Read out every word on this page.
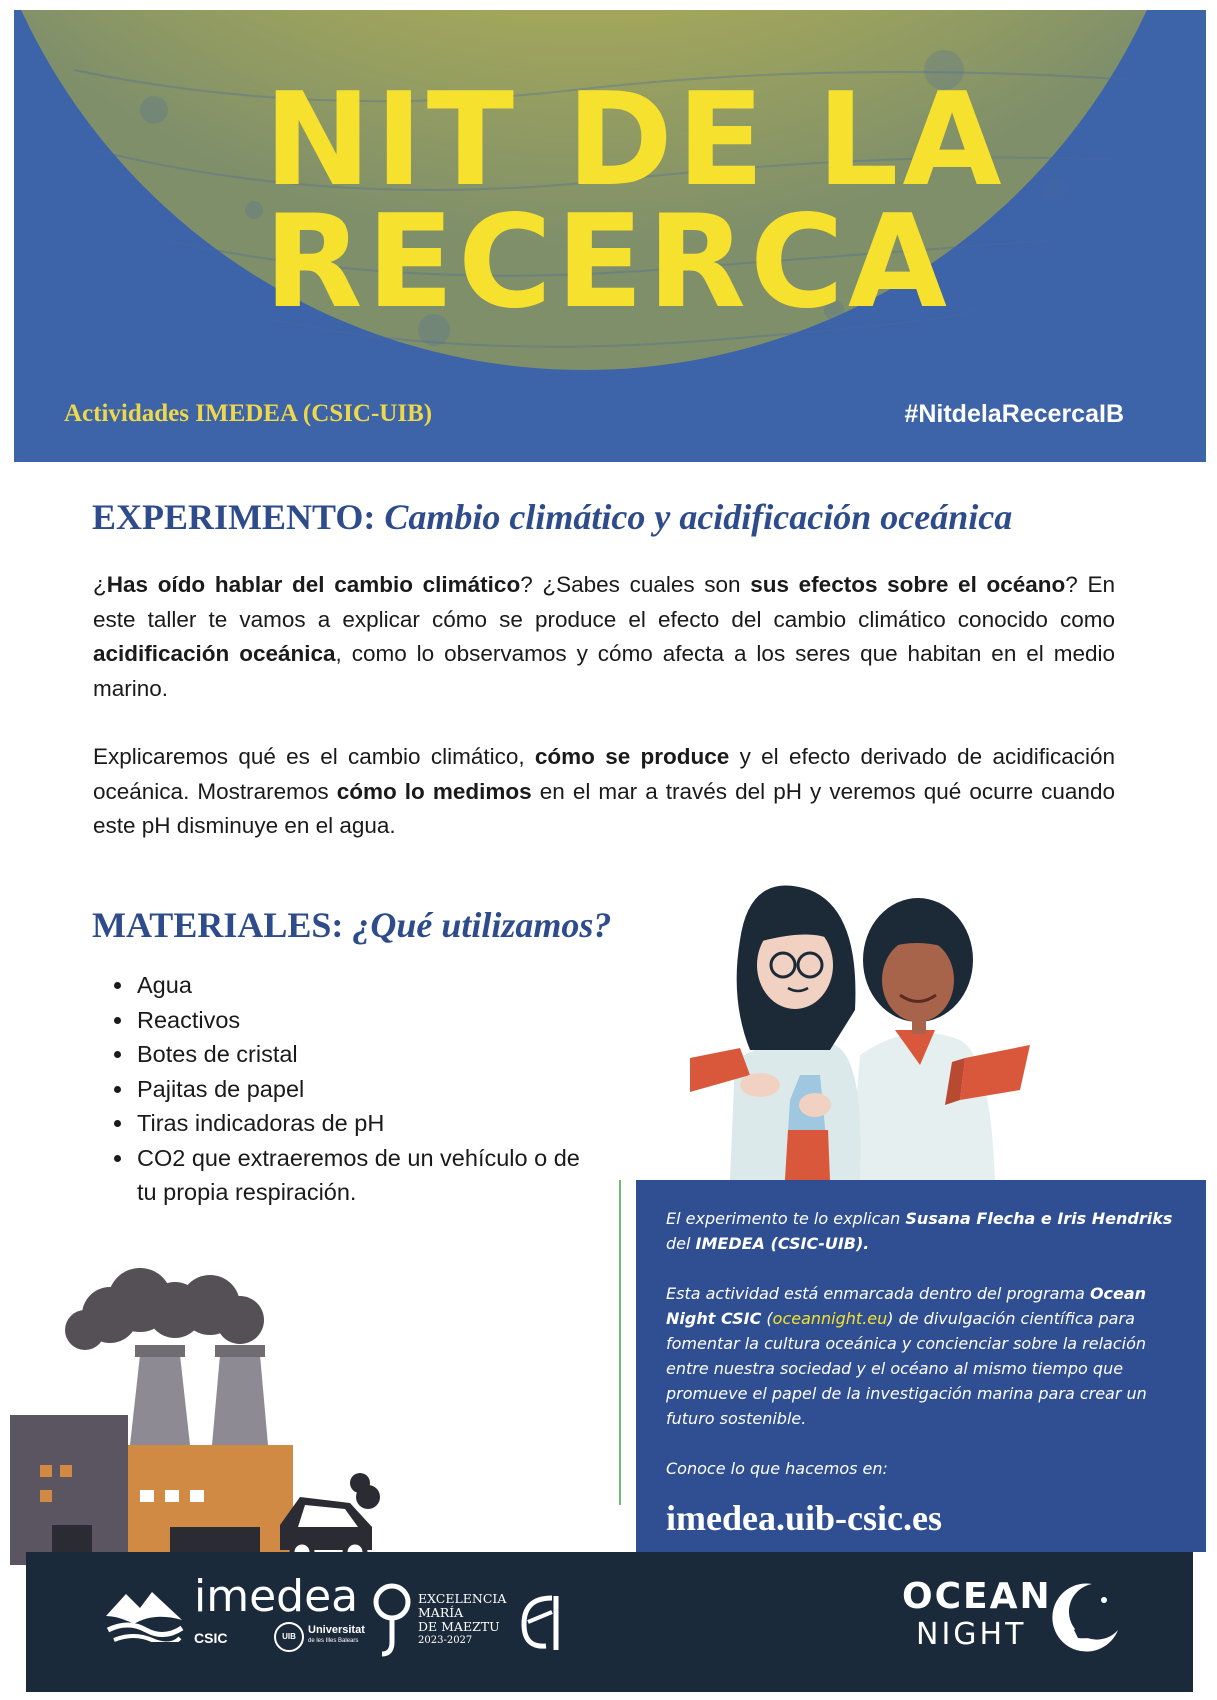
NIT DE LA
RECERCA
Actividades IMEDEA (CSIC-UIB)	#NitdelaRecercaIB
EXPERIMENTO: Cambio climático y acidificación oceánica

¿Has oído hablar del cambio climático? ¿Sabes cuales son sus efectos sobre el océano? En este taller te vamos a explicar cómo se produce el efecto del cambio climático conocido como acidificación oceánica, como lo observamos y cómo afecta a los seres que habitan en el medio marino.

Explicaremos qué es el cambio climático, cómo se produce y el efecto derivado de acidificación oceánica. Mostraremos cómo lo medimos en el mar a través del pH y veremos qué ocurre cuando este pH disminuye en el agua.

MATERIALES: ¿Qué utilizamos?
• Agua
• Reactivos
• Botes de cristal
• Pajitas de papel
• Tiras indicadoras de pH
• CO2 que extraeremos de un vehículo o de tu propia respiración.

El experimento te lo explican Susana Flecha e Iris Hendriks del IMEDEA (CSIC-UIB).

Esta actividad está enmarcada dentro del programa Ocean Night CSIC (oceannight.eu) de divulgación científica para fomentar la cultura oceánica y concienciar sobre la relación entre nuestra sociedad y el océano al mismo tiempo que promueve el papel de la investigación marina para crear un futuro sostenible.

Conoce lo que hacemos en:

imedea.uib-csic.es
imedea
CSIC	UIB
Universitat
de les Illes Balears
EXCELENCIA
MARÍA
DE MAEZTU
2023-2027
OCEAN
NIGHT
